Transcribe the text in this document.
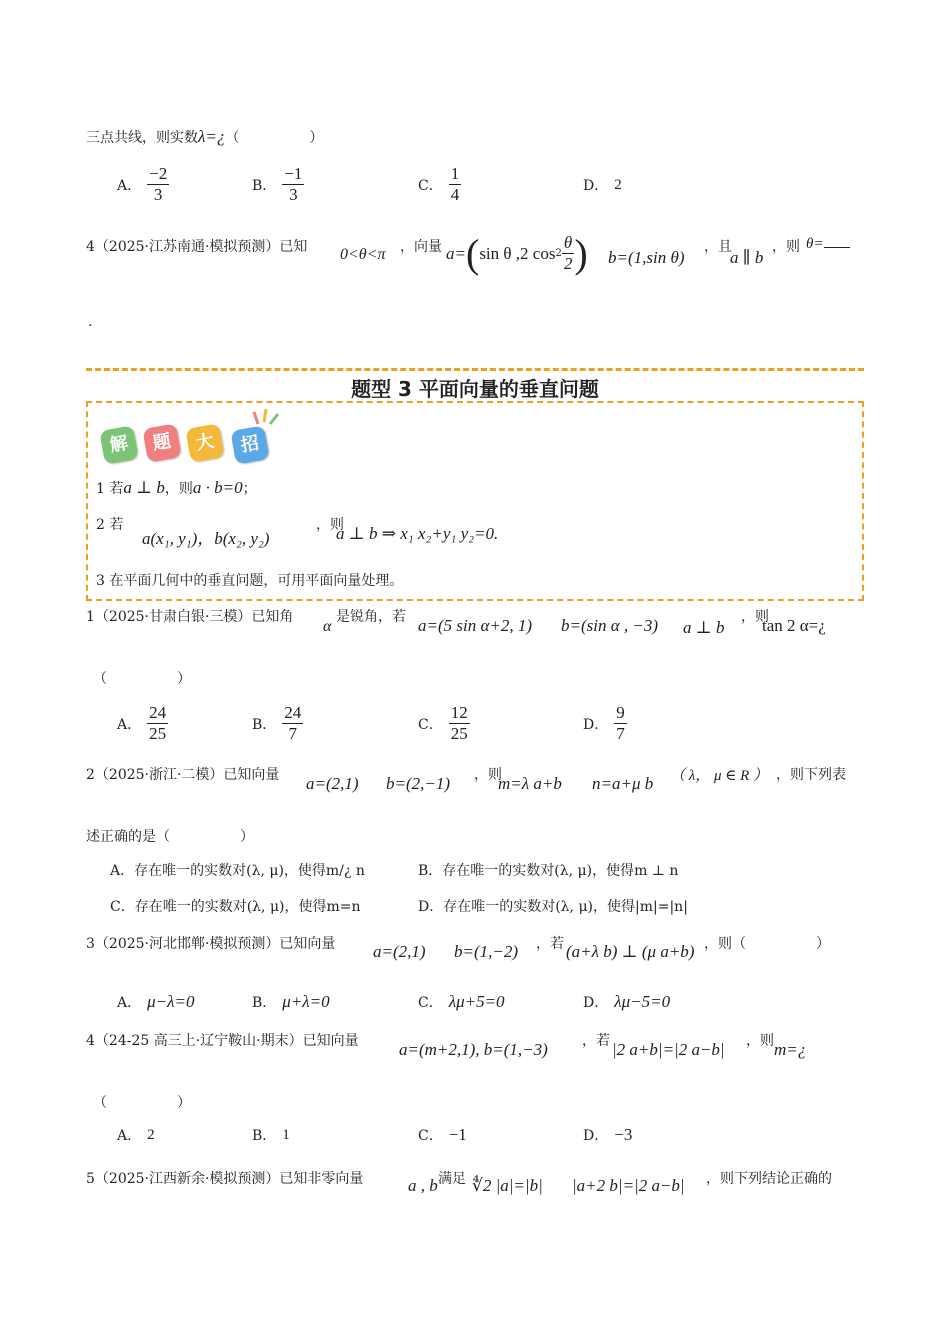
三点共线，则实数λ=¿（　　　　　）
A． $\frac{-2}{3}$	B． $\frac{-1}{3}$	C． $\frac{1}{4}$	D． 2
4（2025·江苏南通·模拟预测）已知 0<θ<π ，向量 a= ( sin θ ,2 $\cos 2 \frac{\theta}{2}$ ) b=(1,sin θ)
，且
a ∥ b
，则 θ=
.
题型 3 平面向量的垂直问题
解	题	大	招
1 若a ⊥ b，则a · b=0；
2 若
a(x₁, y₁)，b(x₂, y₂)
，则
a ⊥ b ⇒ x₁ x₂+y₁ y₂=0.
3 在平面几何中的垂直问题，可用平面向量处理。
1（2025·甘肃白银·三模）已知角
α
是锐角，若 a=(5 sin α+2, 1) b=(sin α , −3) a ⊥ b
，则
tan 2 α=¿
（　　　　　）
A． $\frac{24}{25}$	B． $\frac{24}{7}$	C． $\frac{12}{25}$	D． $\frac{9}{7}$
2（2025·浙江·二模）已知向量 a=(2,1) b=(2,−1) ，则
m=λ a+b n=a+μ b （ λ， μ ∈ R ） ，则下列表
述正确的是（　　　　　）
A．存在唯一的实数对(λ, μ)，使得m/¿ n	B．存在唯一的实数对(λ, μ)，使得m ⊥ n
C．存在唯一的实数对(λ, μ)，使得m=n	D．存在唯一的实数对(λ, μ)，使得|m|=|n|
3（2025·河北邯郸·模拟预测）已知向量 a=(2,1) b=(1,−2) ，若 (a+λ b) ⊥ (μ a+b) ，则（　　　　　）
A． μ−λ=0	B． μ+λ=0	C． λμ+5=0	D． λμ−5=0
4（24-25 高三上·辽宁鞍山·期末）已知向量 a=(m+2,1), b=(1,−3) ，若 |2 a+b|=|2 a−b| ，则 m=¿
（　　　　　）
A． 2	B． 1	C． −1	D． −3
5（2025·江西新余·模拟预测）已知非零向量	a , b 满足 ∜2 |a|=|b| |a+2 b|=|2 a−b| ，则下列结论正确的
